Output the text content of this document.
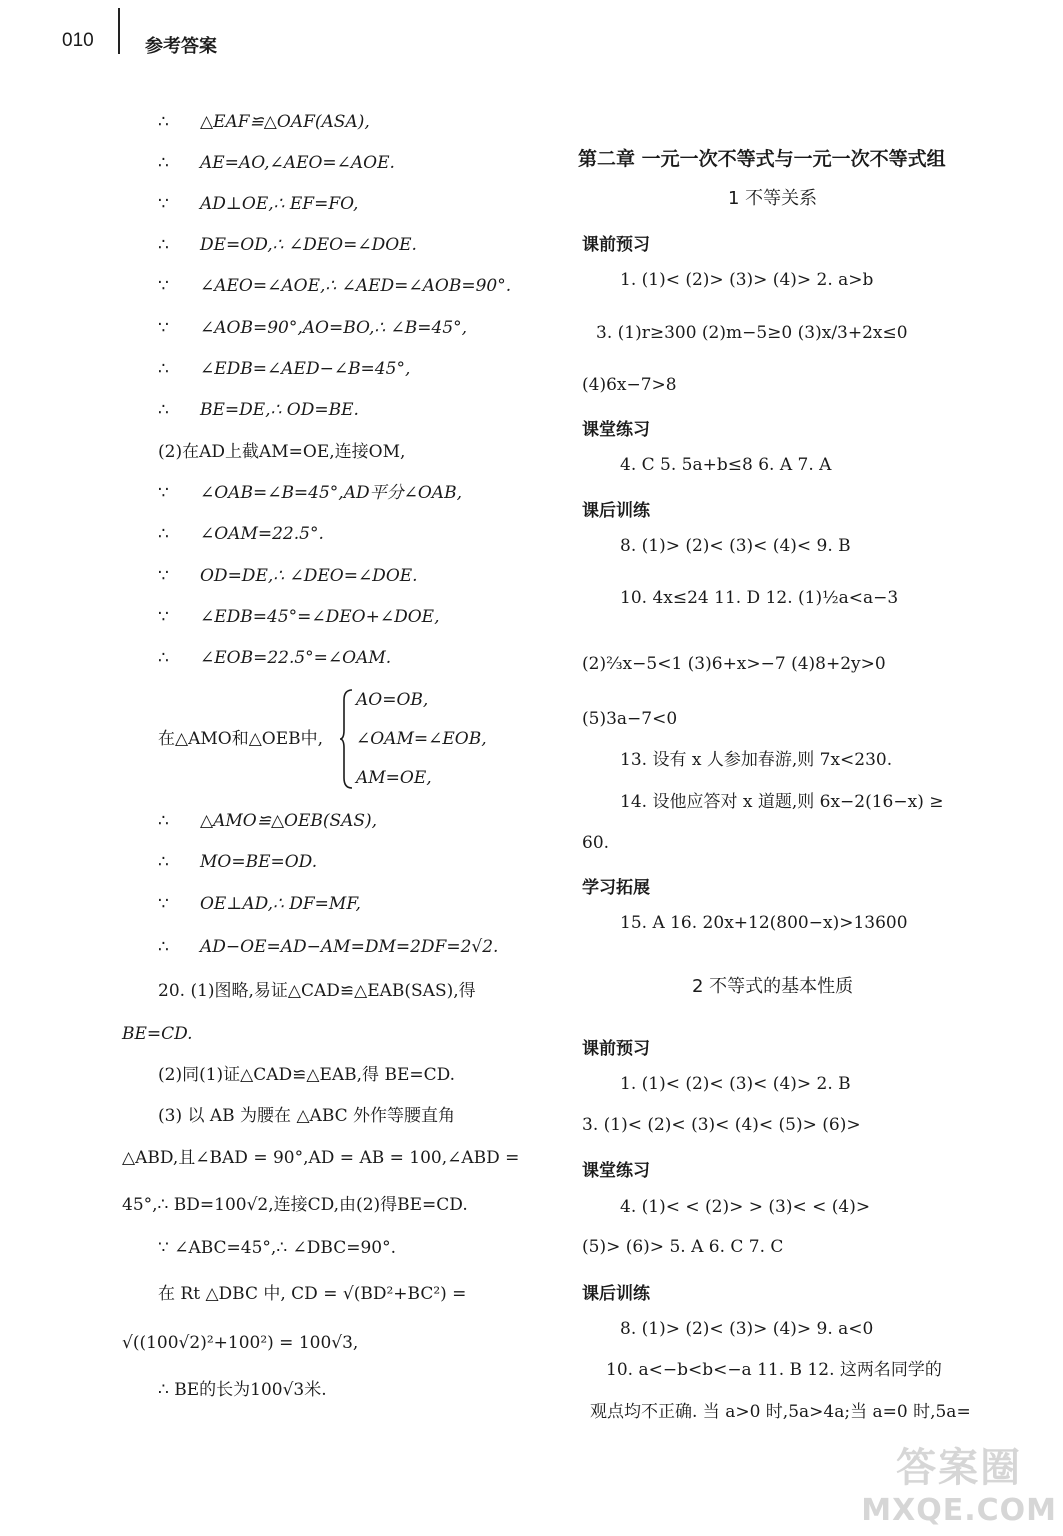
010	参考答案
∴ △EAF≌△OAF(ASA),
∴ AE=AO,∠AEO=∠AOE.
∵ AD⊥OE,∴ EF=FO,
∴ DE=OD,∴ ∠DEO=∠DOE.
∵ ∠AEO=∠AOE,∴ ∠AED=∠AOB=90°.
∵ ∠AOB=90°,AO=BO,∴ ∠B=45°,
∴ ∠EDB=∠AED−∠B=45°,
∴ BE=DE,∴ OD=BE.
(2)在AD上截AM=OE,连接OM,
∵ ∠OAB=∠B=45°,AD平分∠OAB,
∴ ∠OAM=22.5°.
∵ OD=DE,∴ ∠DEO=∠DOE.
∵ ∠EDB=45°=∠DEO+∠DOE,
∴ ∠EOB=22.5°=∠OAM.
在△AMO和△OEB中,
AO=OB,
∠OAM=∠EOB,
AM=OE,
∴ △AMO≌△OEB(SAS),
∴ MO=BE=OD.
∵ OE⊥AD,∴ DF=MF,
∴ AD−OE=AD−AM=DM=2DF=2√2.
20. (1)图略,易证△CAD≌△EAB(SAS),得
BE=CD.
(2)同(1)证△CAD≌△EAB,得 BE=CD.
(3) 以 AB 为腰在 △ABC 外作等腰直角
△ABD,且∠BAD = 90°,AD = AB = 100,∠ABD =
45°,∴ BD=100√2,连接CD,由(2)得BE=CD.
∵ ∠ABC=45°,∴ ∠DBC=90°.
在 Rt △DBC 中, CD = √(BD²+BC²) =
√((100√2)²+100²) = 100√3,
∴ BE的长为100√3米.
第二章 一元一次不等式与一元一次不等式组
1 不等关系
课前预习
1. (1)< (2)> (3)> (4)> 2. a>b
3. (1)r≥300 (2)m−5≥0 (3)x/3+2x≤0
(4)6x−7>8
课堂练习
4. C 5. 5a+b≤8 6. A 7. A
课后训练
8. (1)> (2)< (3)< (4)< 9. B
10. 4x≤24 11. D 12. (1)½a<a−3
(2)⅔x−5<1 (3)6+x>−7 (4)8+2y>0
(5)3a−7<0
13. 设有 x 人参加春游,则 7x<230.
14. 设他应答对 x 道题,则 6x−2(16−x) ≥
60.
学习拓展
15. A 16. 20x+12(800−x)>13600
2 不等式的基本性质
课前预习
1. (1)< (2)< (3)< (4)> 2. B
3. (1)< (2)< (3)< (4)< (5)> (6)>
课堂练习
4. (1)< < (2)> > (3)< < (4)>
(5)> (6)> 5. A 6. C 7. C
课后训练
8. (1)> (2)< (3)> (4)> 9. a<0
10. a<−b<b<−a 11. B 12. 这两名同学的
观点均不正确. 当 a>0 时,5a>4a;当 a=0 时,5a=
答案圈
MXQE.COM
